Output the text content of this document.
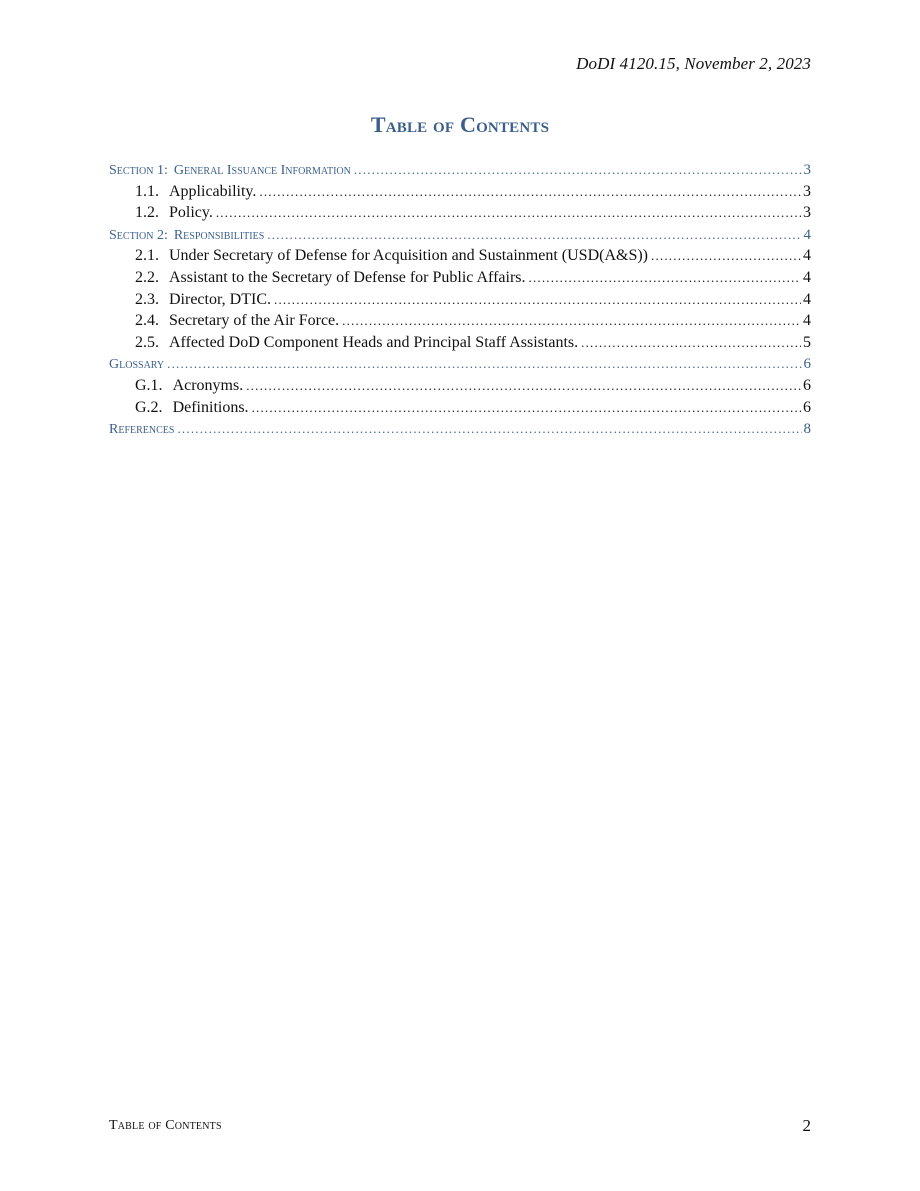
DoDI 4120.15, November 2, 2023
Table of Contents
Section 1: General Issuance Information .....	3
1.1. Applicability. .....	3
1.2. Policy. .....	3
Section 2: Responsibilities .....	4
2.1. Under Secretary of Defense for Acquisition and Sustainment (USD(A&S)) .....	4
2.2. Assistant to the Secretary of Defense for Public Affairs. .....	4
2.3. Director, DTIC. .....	4
2.4. Secretary of the Air Force. .....	4
2.5. Affected DoD Component Heads and Principal Staff Assistants. .....	5
Glossary .....	6
G.1. Acronyms. .....	6
G.2. Definitions. .....	6
References .....	8
Table of Contents	2
